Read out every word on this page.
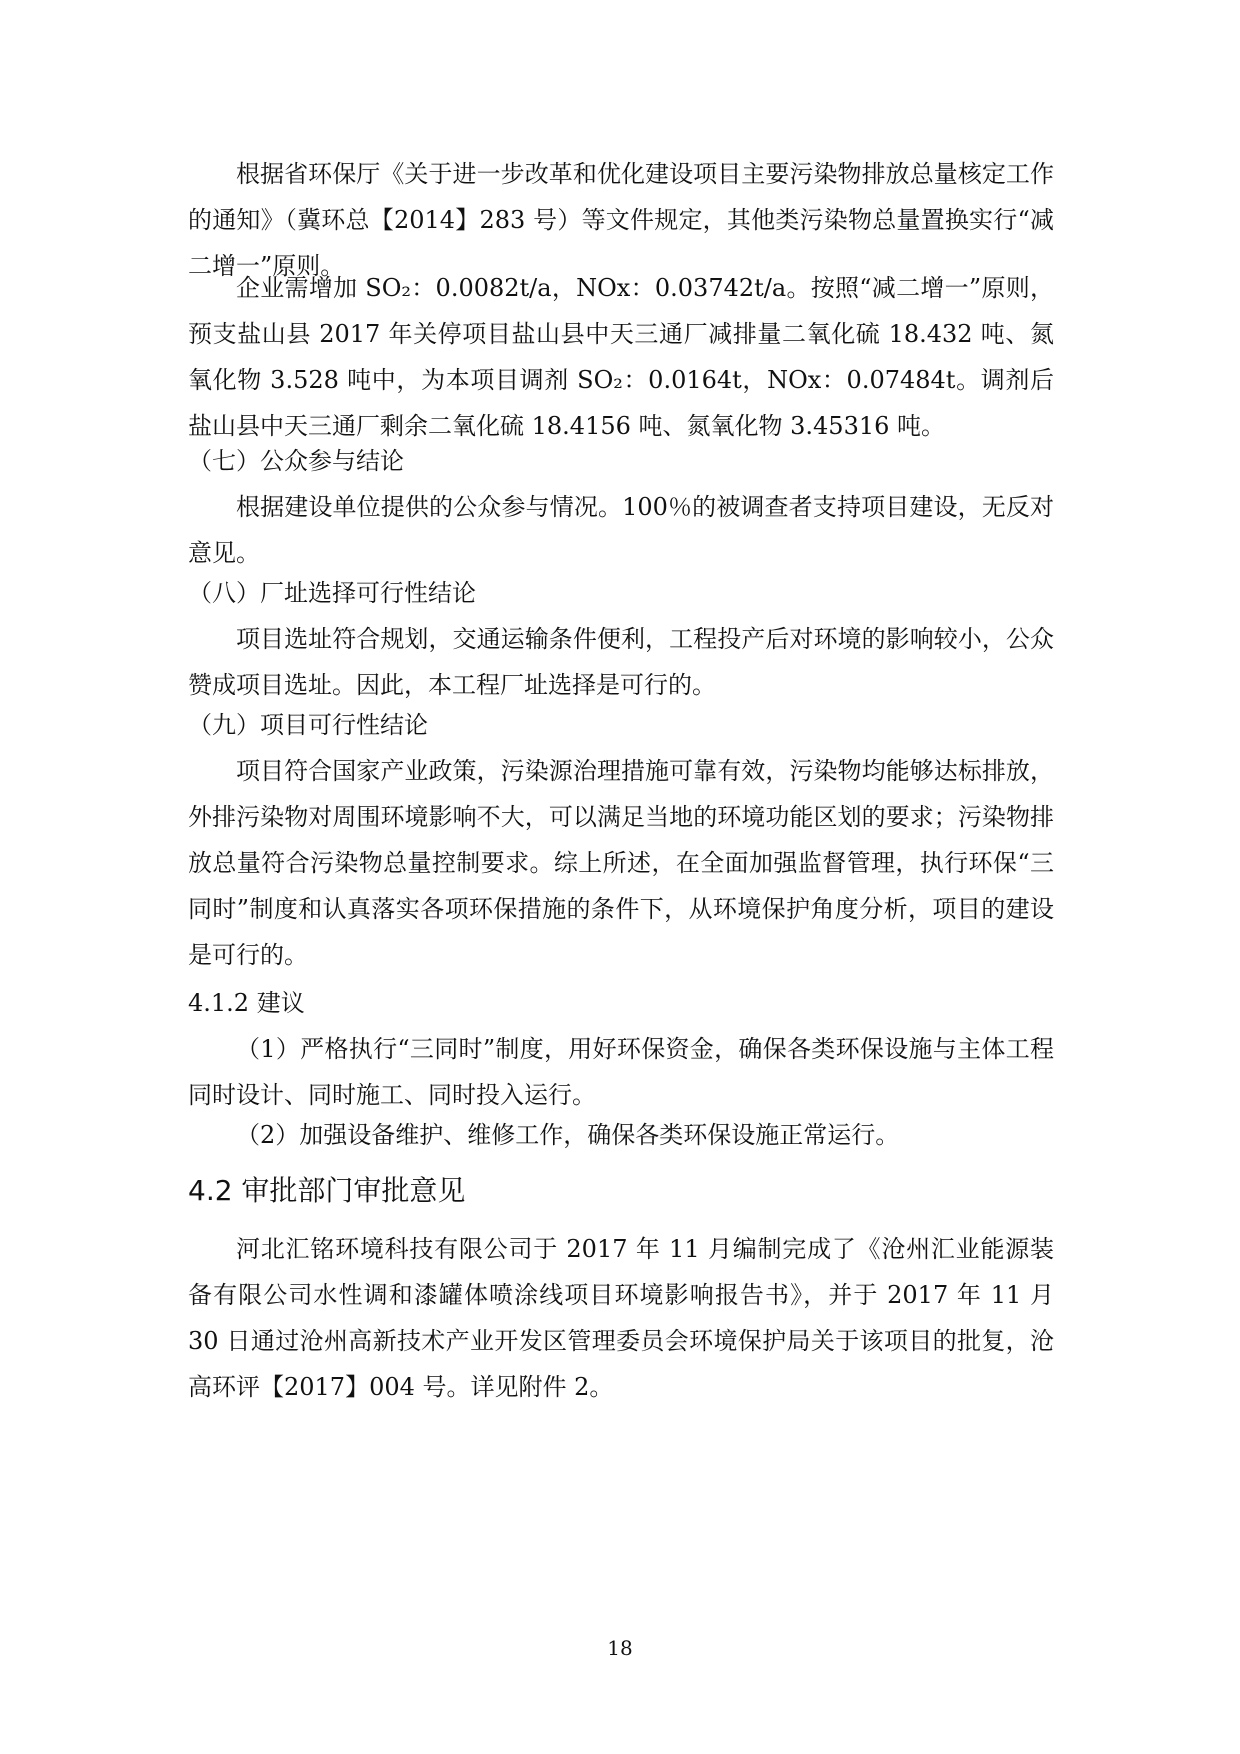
根据省环保厅《关于进一步改革和优化建设项目主要污染物排放总量核定工作的通知》（冀环总【2014】283 号）等文件规定，其他类污染物总量置换实行“减二增一”原则。

企业需增加 SO₂：0.0082t/a，NOx：0.03742t/a。按照“减二增一”原则，预支盐山县 2017 年关停项目盐山县中天三通厂减排量二氧化硫 18.432 吨、氮氧化物 3.528 吨中，为本项目调剂 SO₂：0.0164t，NOx：0.07484t。调剂后盐山县中天三通厂剩余二氧化硫 18.4156 吨、氮氧化物 3.45316 吨。

（七）公众参与结论

根据建设单位提供的公众参与情况。100％的被调查者支持项目建设，无反对意见。

（八）厂址选择可行性结论

项目选址符合规划，交通运输条件便利，工程投产后对环境的影响较小，公众赞成项目选址。因此，本工程厂址选择是可行的。

（九）项目可行性结论

项目符合国家产业政策，污染源治理措施可靠有效，污染物均能够达标排放，外排污染物对周围环境影响不大，可以满足当地的环境功能区划的要求；污染物排放总量符合污染物总量控制要求。综上所述，在全面加强监督管理，执行环保“三同时”制度和认真落实各项环保措施的条件下，从环境保护角度分析，项目的建设是可行的。

4.1.2 建议

（1）严格执行“三同时”制度，用好环保资金，确保各类环保设施与主体工程同时设计、同时施工、同时投入运行。

（2）加强设备维护、维修工作，确保各类环保设施正常运行。

4.2 审批部门审批意见

河北汇铭环境科技有限公司于 2017 年 11 月编制完成了《沧州汇业能源装备有限公司水性调和漆罐体喷涂线项目环境影响报告书》，并于 2017 年 11 月 30 日通过沧州高新技术产业开发区管理委员会环境保护局关于该项目的批复，沧高环评【2017】004 号。详见附件 2。

18
